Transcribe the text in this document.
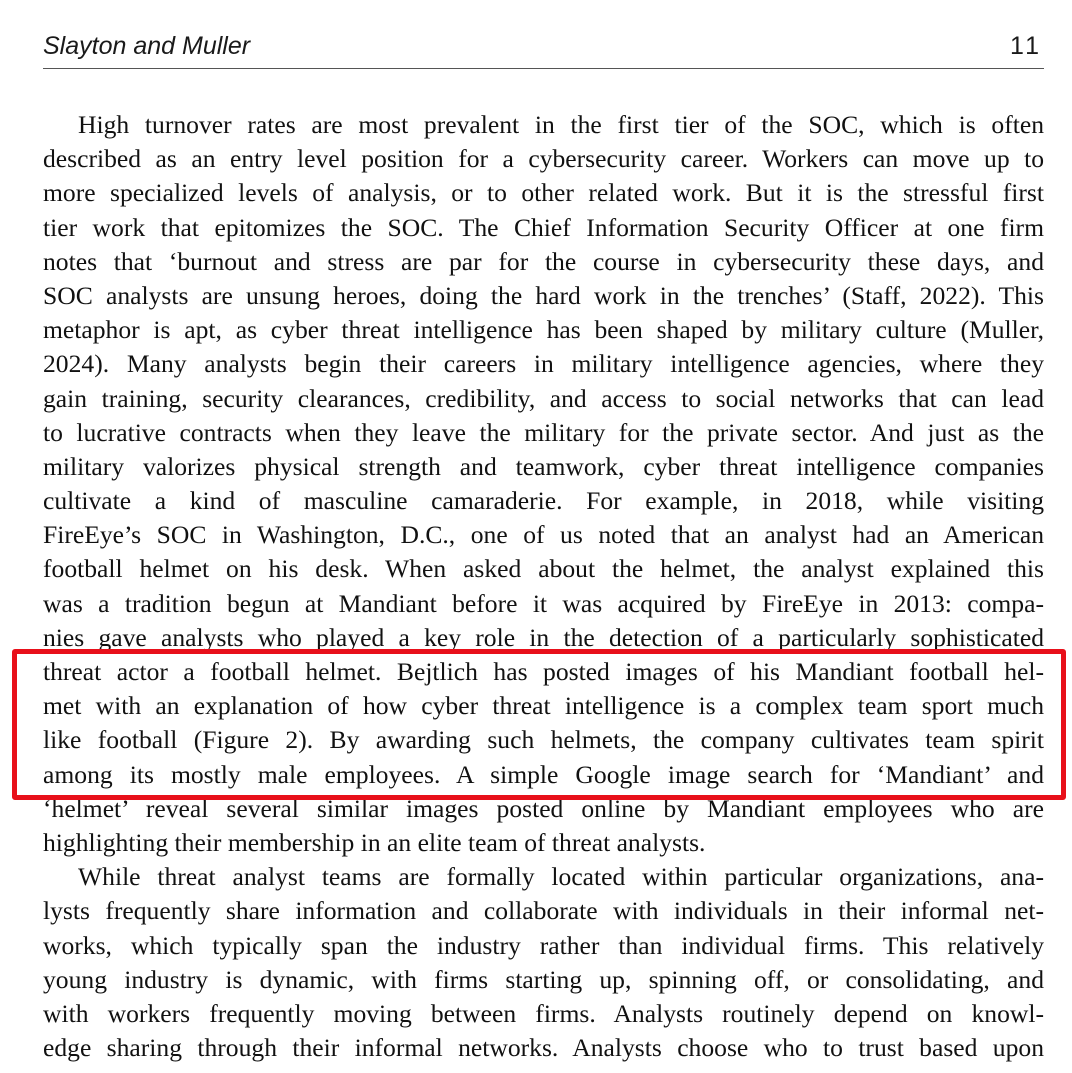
Slayton and Muller	11
High turnover rates are most prevalent in the first tier of the SOC, which is often
described as an entry level position for a cybersecurity career. Workers can move up to
more specialized levels of analysis, or to other related work. But it is the stressful first
tier work that epitomizes the SOC. The Chief Information Security Officer at one firm
notes that ‘burnout and stress are par for the course in cybersecurity these days, and
SOC analysts are unsung heroes, doing the hard work in the trenches’ (Staff, 2022). This
metaphor is apt, as cyber threat intelligence has been shaped by military culture (Muller,
2024). Many analysts begin their careers in military intelligence agencies, where they
gain training, security clearances, credibility, and access to social networks that can lead
to lucrative contracts when they leave the military for the private sector. And just as the
military valorizes physical strength and teamwork, cyber threat intelligence companies
cultivate a kind of masculine camaraderie. For example, in 2018, while visiting
FireEye’s SOC in Washington, D.C., one of us noted that an analyst had an American
football helmet on his desk. When asked about the helmet, the analyst explained this
was a tradition begun at Mandiant before it was acquired by FireEye in 2013: compa-
nies gave analysts who played a key role in the detection of a particularly sophisticated
threat actor a football helmet. Bejtlich has posted images of his Mandiant football hel-
met with an explanation of how cyber threat intelligence is a complex team sport much
like football (Figure 2). By awarding such helmets, the company cultivates team spirit
among its mostly male employees. A simple Google image search for ‘Mandiant’ and
‘helmet’ reveal several similar images posted online by Mandiant employees who are
highlighting their membership in an elite team of threat analysts.
While threat analyst teams are formally located within particular organizations, ana-
lysts frequently share information and collaborate with individuals in their informal net-
works, which typically span the industry rather than individual firms. This relatively
young industry is dynamic, with firms starting up, spinning off, or consolidating, and
with workers frequently moving between firms. Analysts routinely depend on knowl-
edge sharing through their informal networks. Analysts choose who to trust based upon
